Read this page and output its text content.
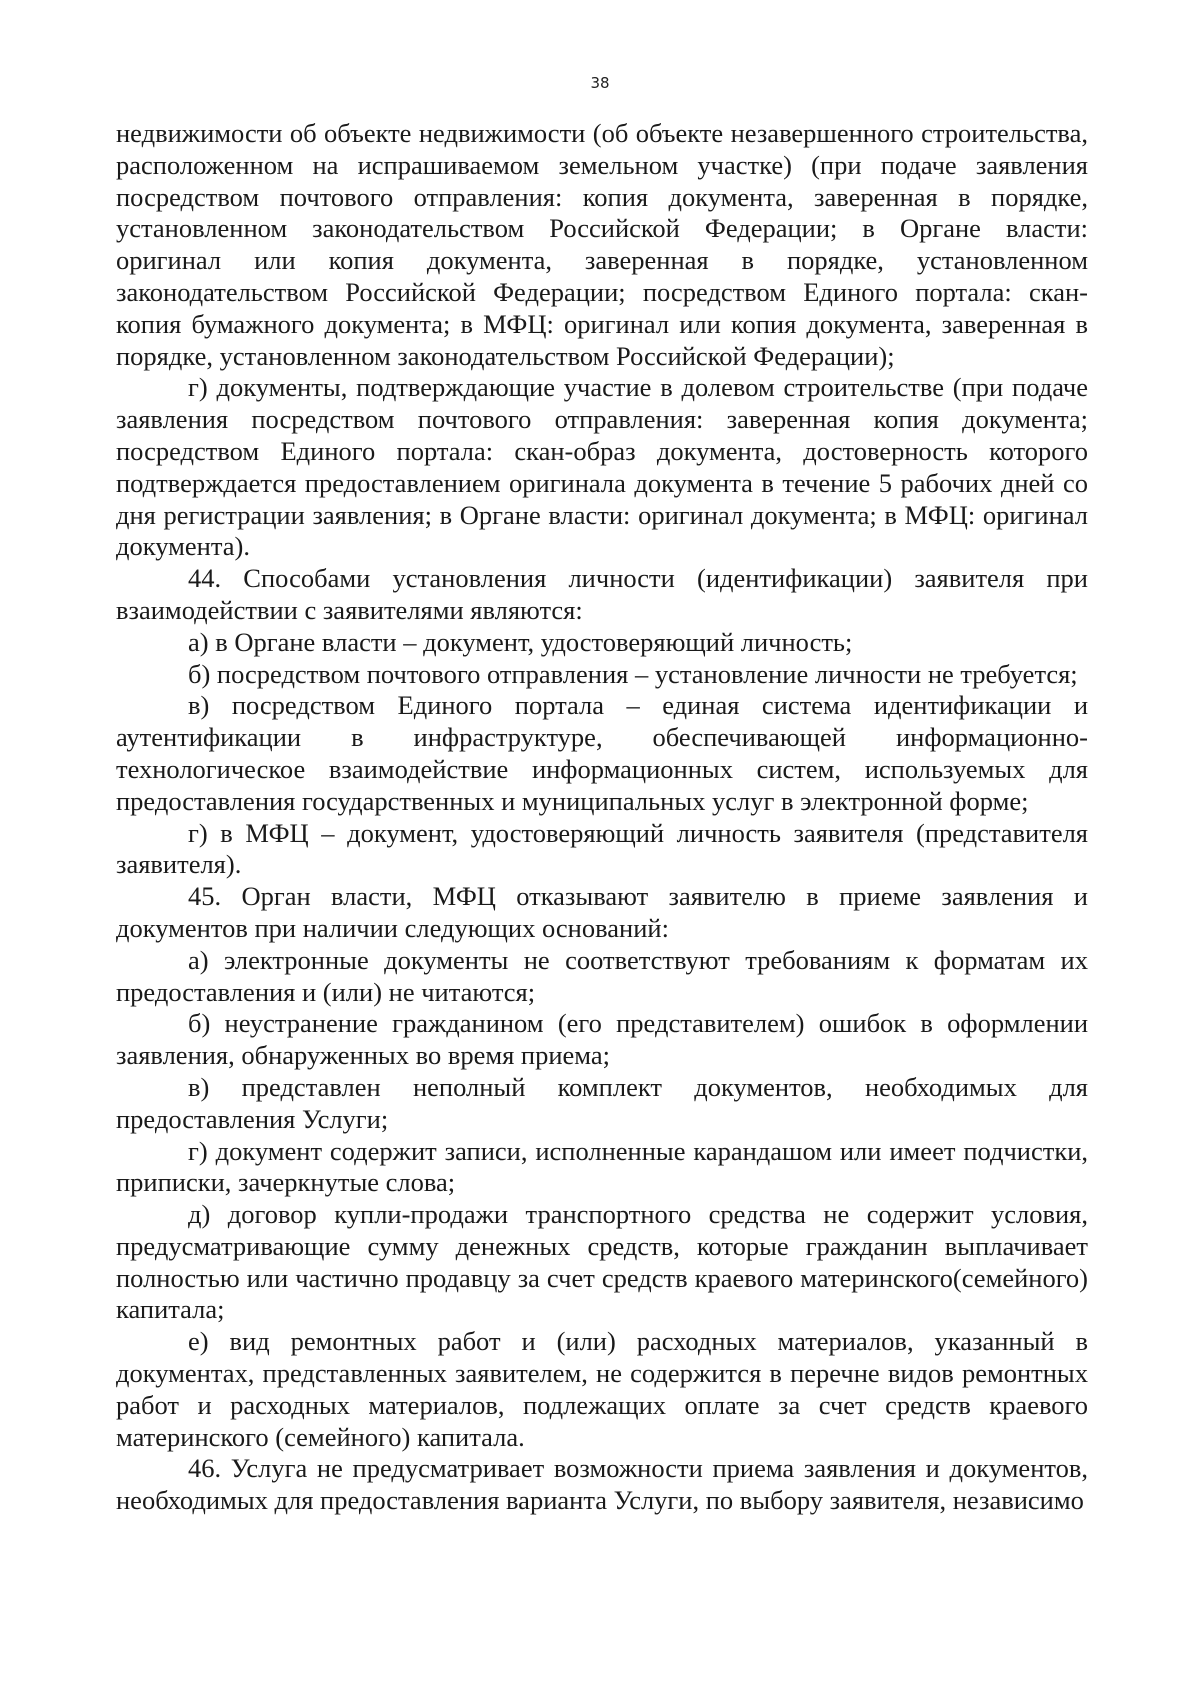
38

недвижимости об объекте недвижимости (об объекте незавершенного строительства, расположенном на испрашиваемом земельном участке) (при подаче заявления посредством почтового отправления: копия документа, заверенная в порядке, установленном законодательством Российской Федерации; в Органе власти: оригинал или копия документа, заверенная в порядке, установленном законодательством Российской Федерации; посредством Единого портала: скан-копия бумажного документа; в МФЦ: оригинал или копия документа, заверенная в порядке, установленном законодательством Российской Федерации);

г) документы, подтверждающие участие в долевом строительстве (при подаче заявления посредством почтового отправления: заверенная копия документа; посредством Единого портала: скан-образ документа, достоверность которого подтверждается предоставлением оригинала документа в течение 5 рабочих дней со дня регистрации заявления; в Органе власти: оригинал документа; в МФЦ: оригинал документа).

44. Способами установления личности (идентификации) заявителя при взаимодействии с заявителями являются:

а) в Органе власти – документ, удостоверяющий личность;

б) посредством почтового отправления – установление личности не требуется;

в) посредством Единого портала – единая система идентификации и аутентификации в инфраструктуре, обеспечивающей информационно-технологическое взаимодействие информационных систем, используемых для предоставления государственных и муниципальных услуг в электронной форме;

г) в МФЦ – документ, удостоверяющий личность заявителя (представителя заявителя).

45. Орган власти, МФЦ отказывают заявителю в приеме заявления и документов при наличии следующих оснований:

а) электронные документы не соответствуют требованиям к форматам их предоставления и (или) не читаются;

б) неустранение гражданином (его представителем) ошибок в оформлении заявления, обнаруженных во время приема;

в) представлен неполный комплект документов, необходимых для предоставления Услуги;

г) документ содержит записи, исполненные карандашом или имеет подчистки, приписки, зачеркнутые слова;

д) договор купли-продажи транспортного средства не содержит условия, предусматривающие сумму денежных средств, которые гражданин выплачивает полностью или частично продавцу за счет средств краевого материнского(семейного) капитала;

е) вид ремонтных работ и (или) расходных материалов, указанный в документах, представленных заявителем, не содержится в перечне видов ремонтных работ и расходных материалов, подлежащих оплате за счет средств краевого материнского (семейного) капитала.

46. Услуга не предусматривает возможности приема заявления и документов, необходимых для предоставления варианта Услуги, по выбору заявителя, независимо
